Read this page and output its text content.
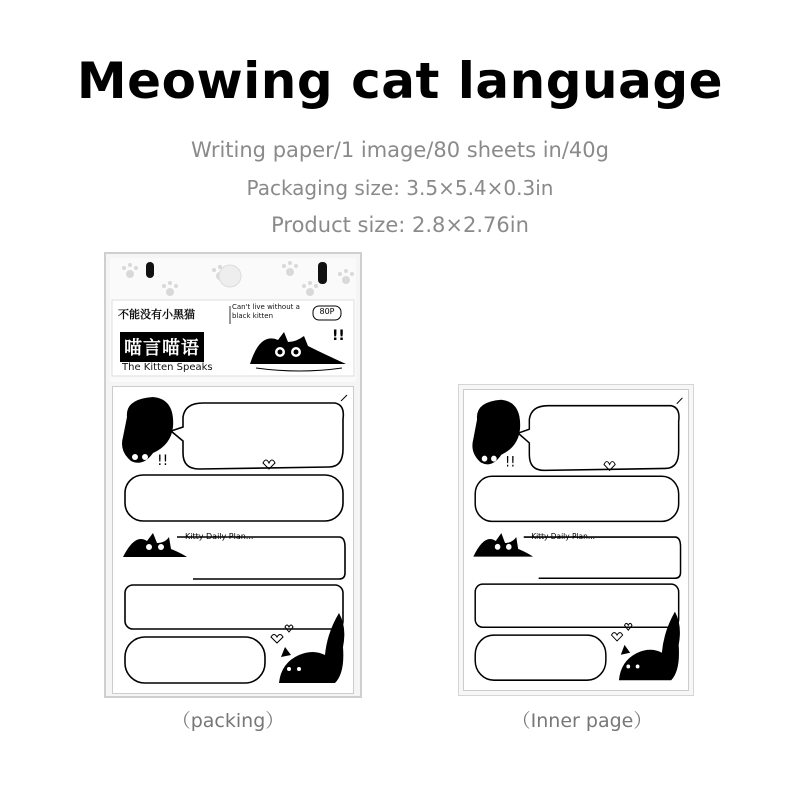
Meowing cat language
Writing paper/1 image/80 sheets in/40g
Packaging size: 3.5×5.4×0.3in
Product size: 2.8×2.76in
!!
不能没有小黑猫
Can't live without a black kitten	80P
喵言喵语
The Kitten Speaks
!!
Kitty Daily Plan...
（packing）
!!
Kitty Daily Plan...
（Inner page）
